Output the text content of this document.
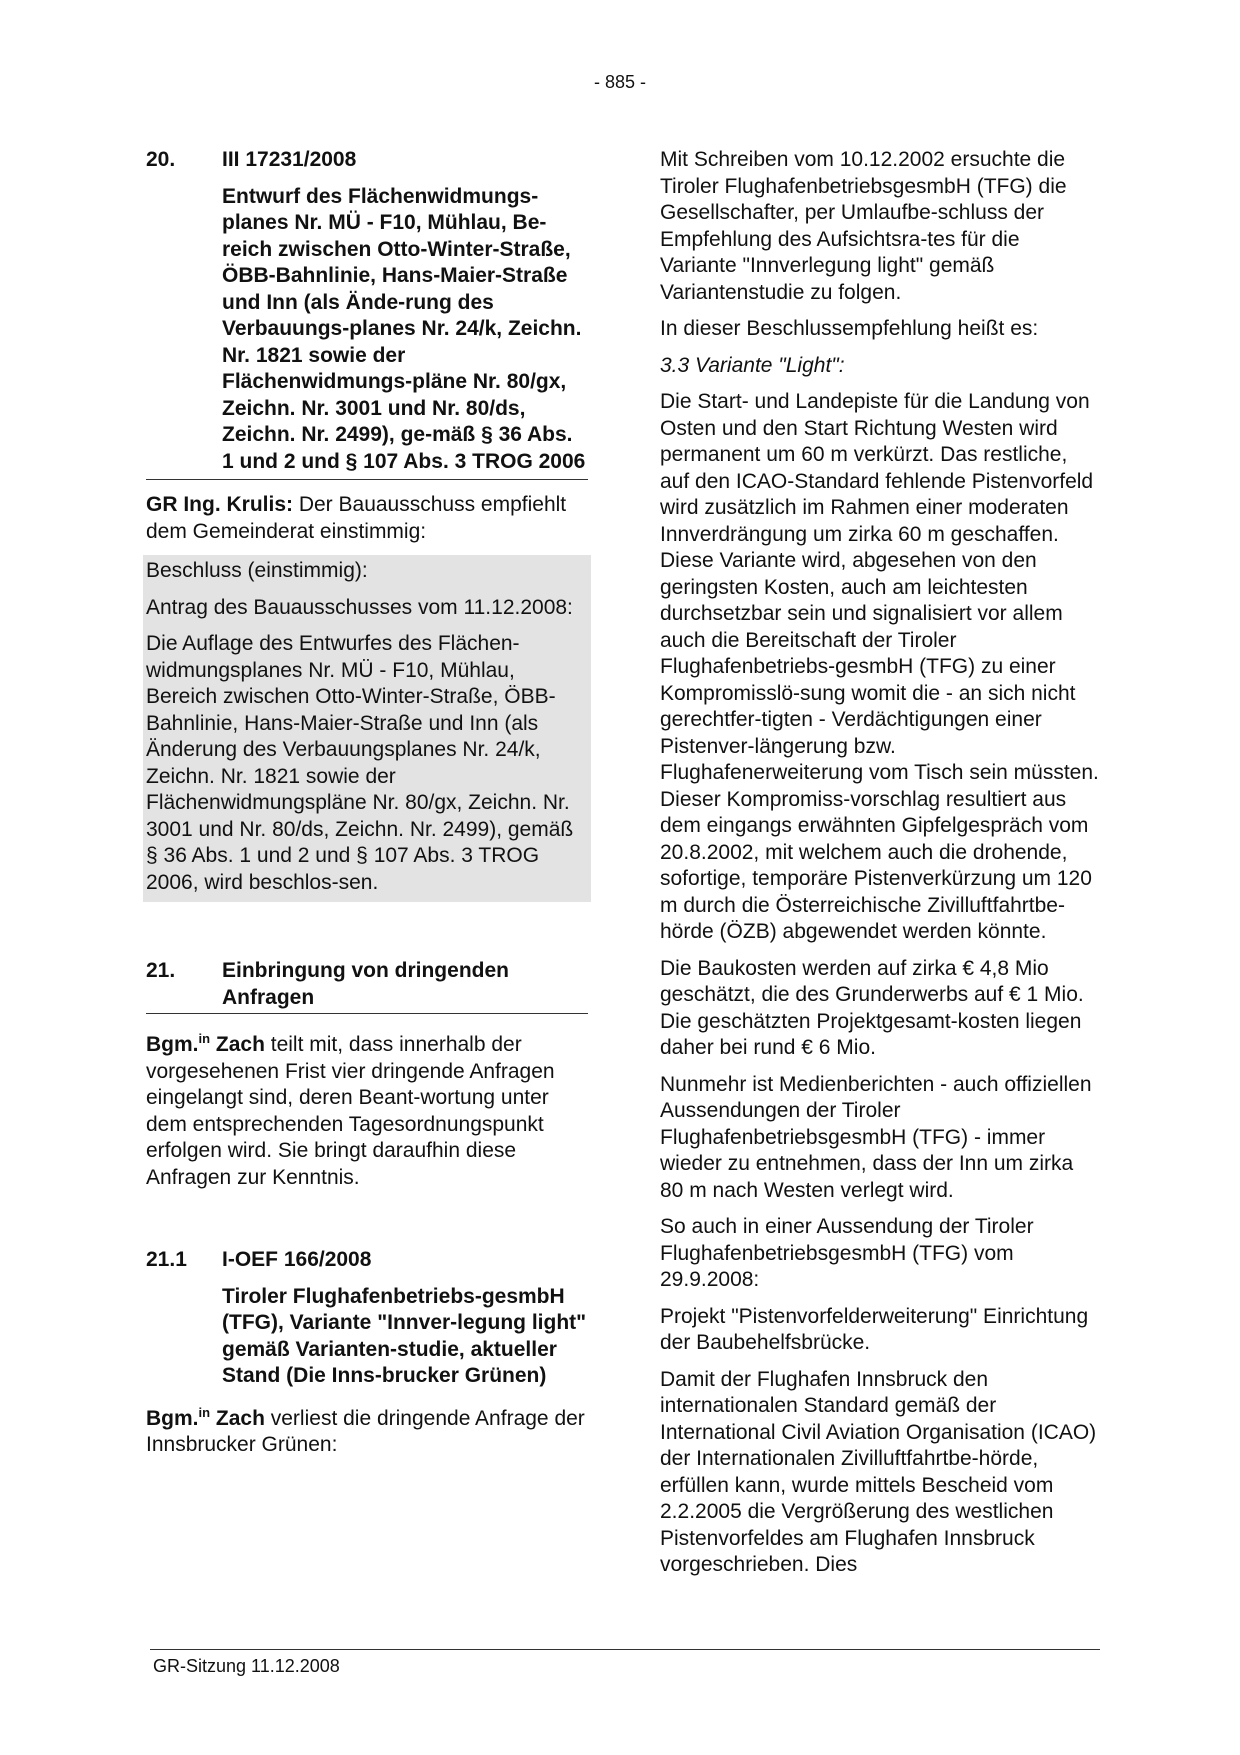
- 885 -
20.	III 17231/2008
Entwurf des Flächenwidmungs-planes Nr. MÜ - F10, Mühlau, Be-reich zwischen Otto-Winter-Straße, ÖBB-Bahnlinie, Hans-Maier-Straße und Inn (als Ände-rung des Verbauungs-planes Nr. 24/k, Zeichn. Nr. 1821 sowie der Flächenwidmungs-pläne Nr. 80/gx, Zeichn. Nr. 3001 und Nr. 80/ds, Zeichn. Nr. 2499), ge-mäß § 36 Abs. 1 und 2 und § 107 Abs. 3 TROG 2006

GR Ing. Krulis: Der Bauausschuss empfiehlt dem Gemeinderat einstimmig:

Beschluss (einstimmig):

Antrag des Bauausschusses vom 11.12.2008:

Die Auflage des Entwurfes des Flächen-widmungsplanes Nr. MÜ - F10, Mühlau, Bereich zwischen Otto-Winter-Straße, ÖBB-Bahnlinie, Hans-Maier-Straße und Inn (als Änderung des Verbauungsplanes Nr. 24/k, Zeichn. Nr. 1821 sowie der Flächenwidmungspläne Nr. 80/gx, Zeichn. Nr. 3001 und Nr. 80/ds, Zeichn. Nr. 2499), gemäß § 36 Abs. 1 und 2 und § 107 Abs. 3 TROG 2006, wird beschlos-sen.

21.	Einbringung von dringenden Anfragen

Bgm.$^{in}$ Zach teilt mit, dass innerhalb der vorgesehenen Frist vier dringende Anfragen eingelangt sind, deren Beant-wortung unter dem entsprechenden Tagesordnungspunkt erfolgen wird. Sie bringt daraufhin diese Anfragen zur Kenntnis.

21.1	I-OEF 166/2008
Tiroler Flughafenbetriebs-gesmbH (TFG), Variante "Innver-legung light" gemäß Varianten-studie, aktueller Stand (Die Inns-brucker Grünen)

Bgm.$^{in}$ Zach verliest die dringende Anfrage der Innsbrucker Grünen:

Mit Schreiben vom 10.12.2002 ersuchte die Tiroler FlughafenbetriebsgesmbH (TFG) die Gesellschafter, per Umlaufbe-schluss der Empfehlung des Aufsichtsra-tes für die Variante "Innverlegung light" gemäß Variantenstudie zu folgen.

In dieser Beschlussempfehlung heißt es:

3.3 Variante "Light":

Die Start- und Landepiste für die Landung von Osten und den Start Richtung Westen wird permanent um 60 m verkürzt. Das restliche, auf den ICAO-Standard fehlende Pistenvorfeld wird zusätzlich im Rahmen einer moderaten Innverdrängung um zirka 60 m geschaffen. Diese Variante wird, abgesehen von den geringsten Kosten, auch am leichtesten durchsetzbar sein und signalisiert vor allem auch die Bereitschaft der Tiroler Flughafenbetriebs-gesmbH (TFG) zu einer Kompromisslö-sung womit die - an sich nicht gerechtfer-tigten - Verdächtigungen einer Pistenver-längerung bzw. Flughafenerweiterung vom Tisch sein müssten. Dieser Kompromiss-vorschlag resultiert aus dem eingangs erwähnten Gipfelgespräch vom 20.8.2002, mit welchem auch die drohende, sofortige, temporäre Pistenverkürzung um 120 m durch die Österreichische Zivilluftfahrtbe-hörde (ÖZB) abgewendet werden könnte.

Die Baukosten werden auf zirka € 4,8 Mio geschätzt, die des Grunderwerbs auf € 1 Mio. Die geschätzten Projektgesamt-kosten liegen daher bei rund € 6 Mio.

Nunmehr ist Medienberichten - auch offiziellen Aussendungen der Tiroler FlughafenbetriebsgesmbH (TFG) - immer wieder zu entnehmen, dass der Inn um zirka 80 m nach Westen verlegt wird.

So auch in einer Aussendung der Tiroler FlughafenbetriebsgesmbH (TFG) vom 29.9.2008:

Projekt "Pistenvorfelderweiterung" Einrichtung der Baubehelfsbrücke.

Damit der Flughafen Innsbruck den internationalen Standard gemäß der International Civil Aviation Organisation (ICAO) der Internationalen Zivilluftfahrtbe-hörde, erfüllen kann, wurde mittels Bescheid vom 2.2.2005 die Vergrößerung des westlichen Pistenvorfeldes am Flughafen Innsbruck vorgeschrieben. Dies

GR-Sitzung 11.12.2008
